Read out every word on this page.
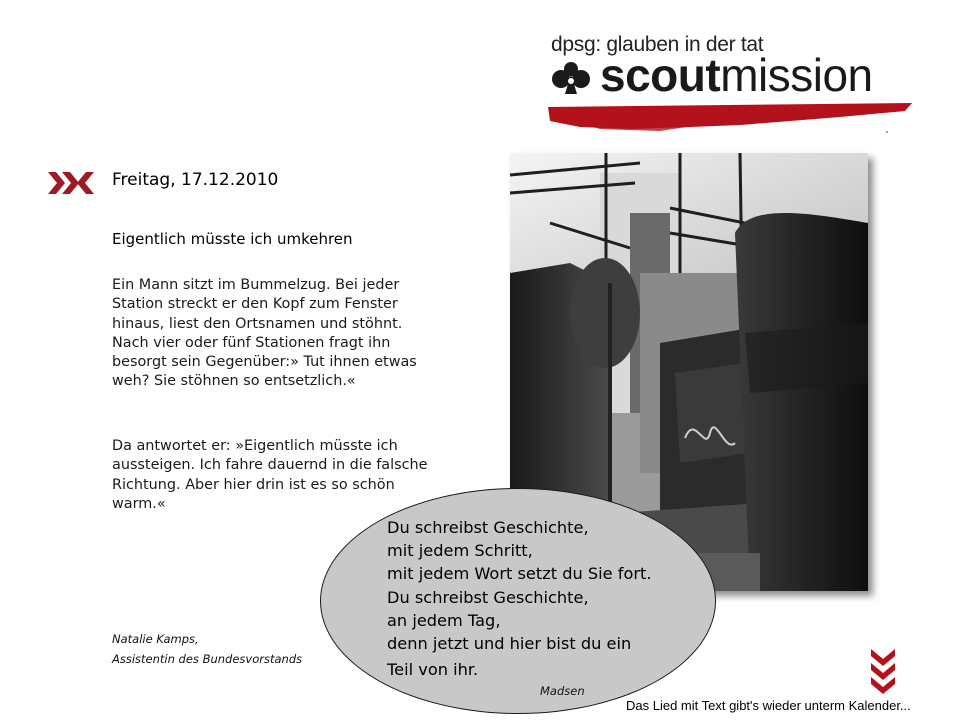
dpsg: glauben in der tat
scoutmission
Freitag, 17.12.2010
Eigentlich müsste ich umkehren
Ein Mann sitzt im Bummelzug. Bei jeder Station streckt er den Kopf zum Fenster hinaus, liest den Ortsnamen und stöhnt. Nach vier oder fünf Stationen fragt ihn besorgt sein Gegenüber:» Tut ihnen etwas weh? Sie stöhnen so entsetzlich.«
Da antwortet er: »Eigentlich müsste ich aussteigen. Ich fahre dauernd in die falsche Richtung. Aber hier drin ist es so schön warm.«
Natalie Kamps,
Assistentin des Bundesvorstands
Du schreibst Geschichte,
mit jedem Schritt,
mit jedem Wort setzt du Sie fort.
Du schreibst Geschichte,
an jedem Tag,
denn jetzt und hier bist du ein
Teil von ihr.
Madsen
Das Lied mit Text gibt's wieder unterm Kalender...
